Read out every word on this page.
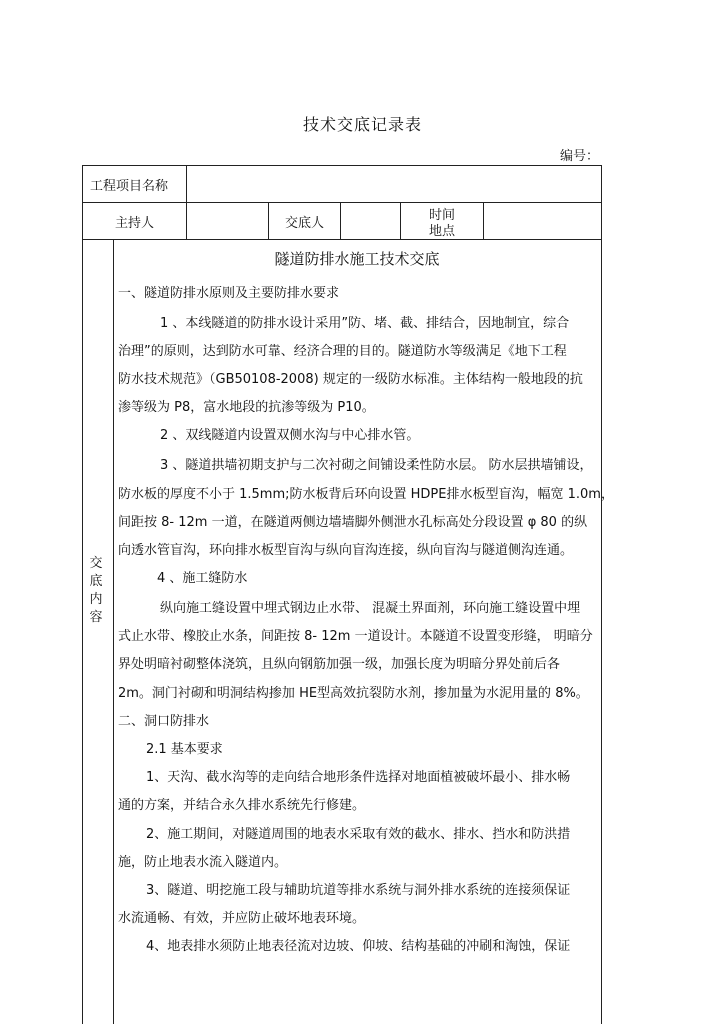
技术交底记录表
编号：
工程项目名称
主持人	交底人
时间
地点
交
底
内
容
隧道防排水施工技术交底
一、隧道防排水原则及主要防排水要求
1 、本线隧道的防排水设计采用”防、堵、截、排结合，因地制宜，综合
治理”的原则，达到防水可靠、经济合理的目的。隧道防水等级满足《地下工程
防水技术规范》（GB50108-2008) 规定的一级防水标准。主体结构一般地段的抗
渗等级为 P8，富水地段的抗渗等级为 P10。
2 、双线隧道内设置双侧水沟与中心排水管。
3 、隧道拱墙初期支护与二次衬砌之间铺设柔性防水层。 防水层拱墙铺设，
防水板的厚度不小于 1.5mm;防水板背后环向设置 HDPE排水板型盲沟，幅宽 1.0m，
间距按 8- 12m 一道，在隧道两侧边墙墙脚外侧泄水孔标高处分段设置 φ 80 的纵
向透水管盲沟，环向排水板型盲沟与纵向盲沟连接，纵向盲沟与隧道侧沟连通。
4 、施工缝防水
纵向施工缝设置中埋式钢边止水带、 混凝土界面剂，环向施工缝设置中埋
式止水带、橡胶止水条，间距按 8- 12m 一道设计。本隧道不设置变形缝， 明暗分
界处明暗衬砌整体浇筑，且纵向钢筋加强一级，加强长度为明暗分界处前后各
2m。洞门衬砌和明洞结构掺加 HE型高效抗裂防水剂，掺加量为水泥用量的 8%。
二、洞口防排水
2.1 基本要求
1、天沟、截水沟等的走向结合地形条件选择对地面植被破坏最小、排水畅
通的方案，并结合永久排水系统先行修建。
2、施工期间，对隧道周围的地表水采取有效的截水、排水、挡水和防洪措
施，防止地表水流入隧道内。
3、隧道、明挖施工段与辅助坑道等排水系统与洞外排水系统的连接须保证
水流通畅、有效，并应防止破坏地表环境。
4、地表排水须防止地表径流对边坡、仰坡、结构基础的冲刷和淘蚀，保证
